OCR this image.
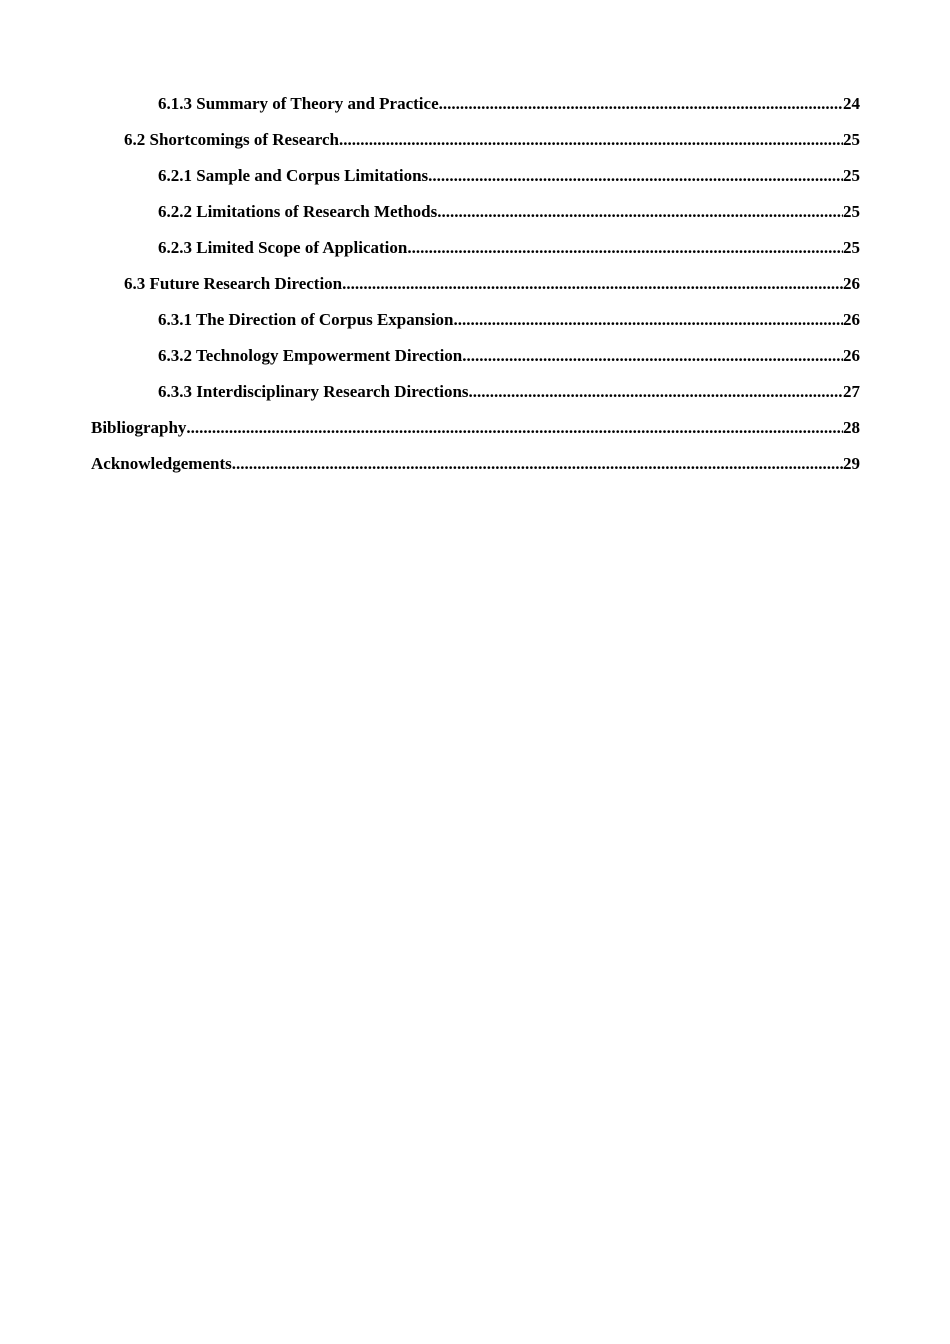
6.1.3 Summary of Theory and Practice .....	24
6.2 Shortcomings of Research .....	25
6.2.1 Sample and Corpus Limitations .....	25
6.2.2 Limitations of Research Methods .....	25
6.2.3 Limited Scope of Application .....	25
6.3 Future Research Direction .....	26
6.3.1 The Direction of Corpus Expansion .....	26
6.3.2 Technology Empowerment Direction .....	26
6.3.3 Interdisciplinary Research Directions .....	27
Bibliography .....	28
Acknowledgements .....	29
